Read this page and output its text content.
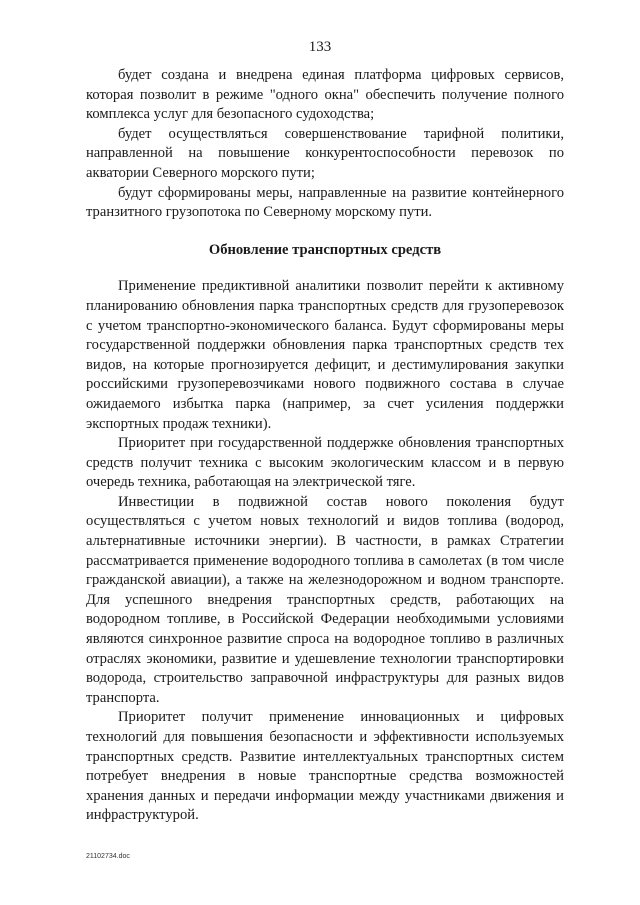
133

будет создана и внедрена единая платформа цифровых сервисов, которая позволит в режиме "одного окна" обеспечить получение полного комплекса услуг для безопасного судоходства;

будет осуществляться совершенствование тарифной политики, направленной на повышение конкурентоспособности перевозок по акватории Северного морского пути;

будут сформированы меры, направленные на развитие контейнерного транзитного грузопотока по Северному морскому пути.

Обновление транспортных средств

Применение предиктивной аналитики позволит перейти к активному планированию обновления парка транспортных средств для грузоперевозок с учетом транспортно-экономического баланса. Будут сформированы меры государственной поддержки обновления парка транспортных средств тех видов, на которые прогнозируется дефицит, и дестимулирования закупки российскими грузоперевозчиками нового подвижного состава в случае ожидаемого избытка парка (например, за счет усиления поддержки экспортных продаж техники).

Приоритет при государственной поддержке обновления транспортных средств получит техника с высоким экологическим классом и в первую очередь техника, работающая на электрической тяге.

Инвестиции в подвижной состав нового поколения будут осуществляться с учетом новых технологий и видов топлива (водород, альтернативные источники энергии). В частности, в рамках Стратегии рассматривается применение водородного топлива в самолетах (в том числе гражданской авиации), а также на железнодорожном и водном транспорте. Для успешного внедрения транспортных средств, работающих на водородном топливе, в Российской Федерации необходимыми условиями являются синхронное развитие спроса на водородное топливо в различных отраслях экономики, развитие и удешевление технологии транспортировки водорода, строительство заправочной инфраструктуры для разных видов транспорта.

Приоритет получит применение инновационных и цифровых технологий для повышения безопасности и эффективности используемых транспортных средств. Развитие интеллектуальных транспортных систем потребует внедрения в новые транспортные средства возможностей хранения данных и передачи информации между участниками движения и инфраструктурой.

21102734.doc
